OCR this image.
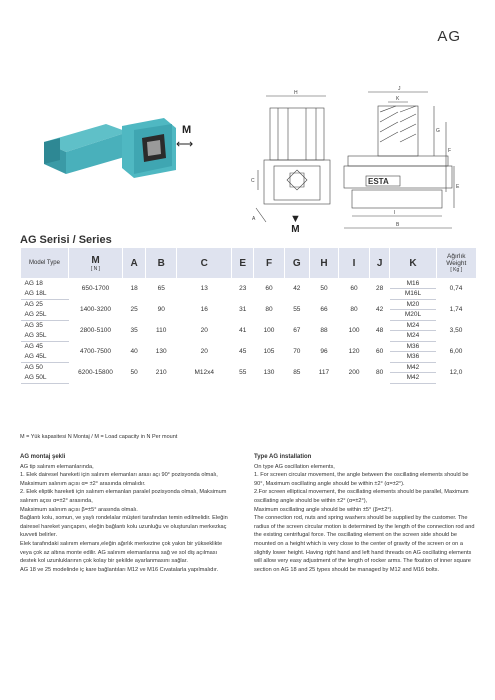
AG
M
⟷
H
C
A
J
K
G
F
E
I
B
ESTA
▼
M
AG Serisi / Series
Model Type	M
[ N ]	A	B	C	E	F	G	H	I	J	K	Ağırlık Weight
[ Kg ]

AG 18	650-1700	18	65	13	23	60	42	50	60	28	M16	0,74
AG 18L											M16L	
AG 25	1400-3200	25	90	16	31	80	55	66	80	42	M20	1,74
AG 25L											M20L	
AG 35	2800-5100	35	110	20	41	100	67	88	100	48	M24	3,50
AG 35L											M24	
AG 45	4700-7500	40	130	20	45	105	70	96	120	60	M36	6,00
AG 45L											M36	
AG 50	6200-15800	50	210	M12x4	55	130	85	117	200	80	M42	12,0
AG 50L											M42	
M = Yük kapasitesi N Montaj / M = Load capacity in N Per mount
AG montaj şekli

AG tip salınım elemanlarında,

1. Elek dairesel hareketi için salınım elemanları arası açı 90° pozisyonda olmalı, Maksimum salınım açısı α= ±2° arasında olmalıdır.

2. Elek eliptik hareketi için salınım elemanları paralel pozisyonda olmalı, Maksimum salınım açısı α=±2° arasında,

Maksimum salınım açısı β=±5° arasında olmalı.

Bağlantı kolu, somun, ve yaylı rondelalar müşteri tarafından temin edilmelidir. Eleğin dairesel hareket yarıçapını, eleğin bağlantı kolu uzunluğu ve oluşturulan merkezkaç kuvveti belirler.

Elek tarafındaki salınım elemanı,eleğin ağırlık merkezine çok yakın bir yükseklikte veya çok az altına monte edilir. AG salınım elemanlarına sağ ve sol diş açılması destek kol uzunluklarının çok kolay bir şekilde ayarlanmasını sağlar.

AG 18 ve 25 modelinde iç kare bağlantıları M12 ve M16 Cıvatalarla yapılmalıdır.

Type AG installation

On type AG oscillation elements,

1. For screen circular movement, the angle between the oscillating elements should be 90°, Maximum oscillating angle should be within ±2° (α=±2°).

2.For screen elliptical movement, the oscillating elements should be parallel, Maximum oscillating angle should be within ±2° (α=±2°),

Maximum oscillating angle should be within ±5° (β=±2°).

The connection rod, nuts and spring washers should be supplied by the customer. The radius of the screen circular motion is determined by the length of the connection rod and the existing centrifugal force. The oscillating element on the screen side should be mounted on a height which is very close to the center of gravity of the screen or on a slightly lower height. Having right hand and left hand threads on AG oscillating elements will allow very easy adjustment of the length of rocker arms. The fixation of inner square section on AG 18 and 25 types should be managed by M12 and M16 bolts.
